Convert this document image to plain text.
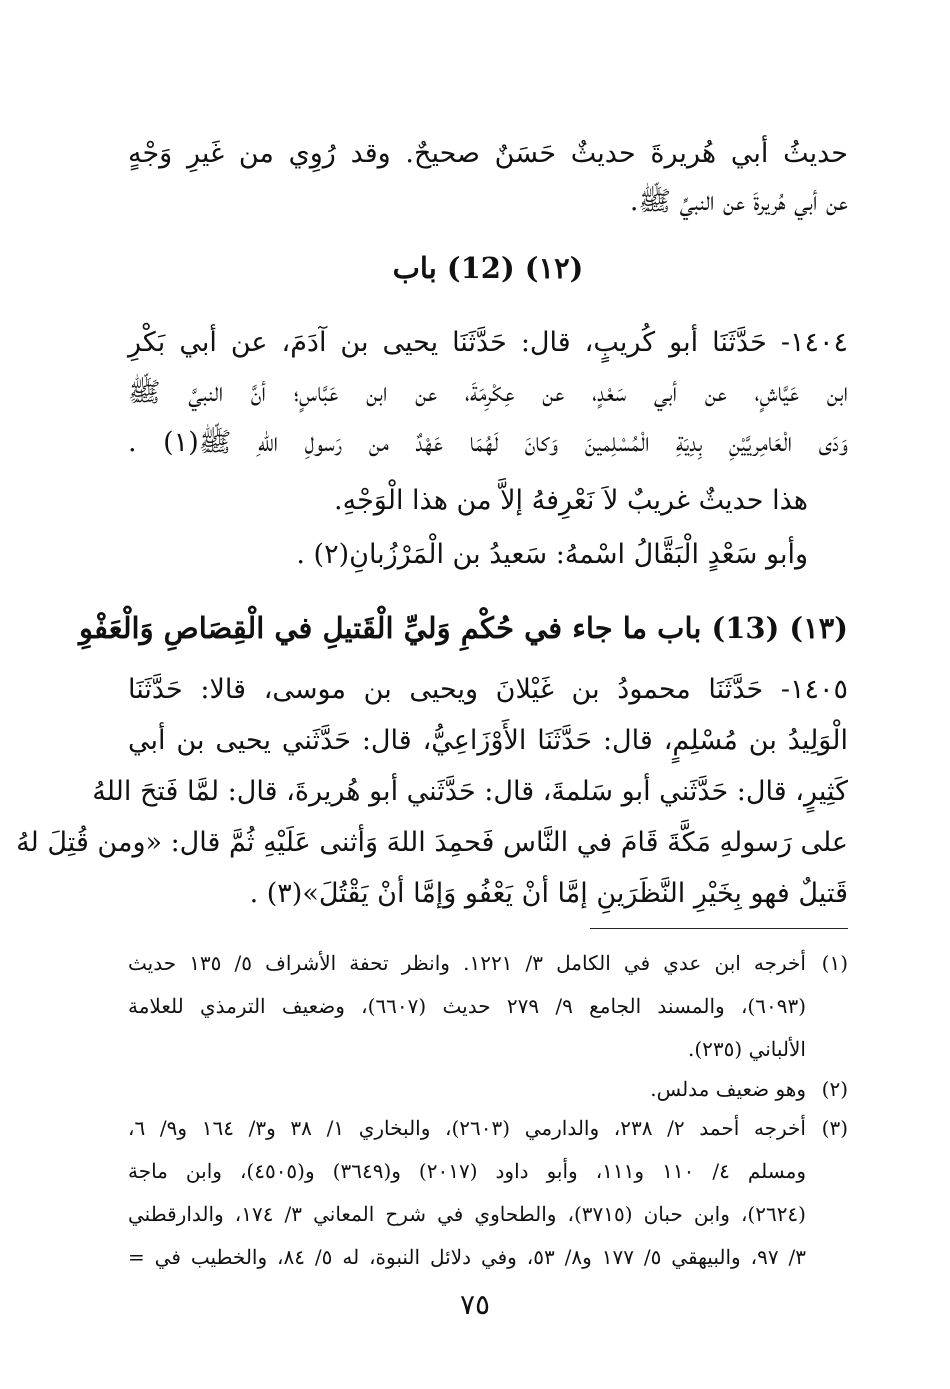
حديثُ أبي هُريرةَ حديثٌ حَسَنٌ صحيحٌ. وقد رُوِي من غَيرِ وَجْهٍ
عن أبي هُريرةَ عن النبيِّ ﷺ.
(١٢) (12) باب
١٤٠٤- حَدَّثَنَا أبو كُريبٍ، قال: حَدَّثَنَا يحيى بن آدَمَ، عن أبي بَكْرِ
ابن عَيَّاشٍ، عن أبي سَعْدٍ، عن عِكْرِمَةَ، عن ابن عَبَّاسٍ؛ أنَّ النبيَّ ﷺ
وَدَى الْعَامِريَّيْنِ بِدِيَةِ الْمُسْلِمينَ وَكانَ لَهُمَا عَهْدٌ من رَسولِ اللهِ ﷺ(١) .
هذا حديثٌ غريبٌ لاَ نَعْرِفهُ إلاَّ من هذا الْوَجْهِ.
وأبو سَعْدٍ الْبَقَّالُ اسْمهُ: سَعيدُ بن الْمَرْزُبانِ(٢) .
(١٣) (13) باب ما جاء في حُكْمِ وَليِّ الْقَتيلِ في الْقِصَاصِ وَالْعَفْوِ
١٤٠٥- حَدَّثَنَا محمودُ بن غَيْلانَ ويحيى بن موسى، قالا: حَدَّثَنَا
الْوَلِيدُ بن مُسْلِمٍ، قال: حَدَّثَنَا الأَوْزَاعِيُّ، قال: حَدَّثَني يحيى بن أبي
كَثِيرٍ، قال: حَدَّثَني أبو سَلمةَ، قال: حَدَّثَني أبو هُريرةَ، قال: لمَّا فَتحَ اللهُ
على رَسولهِ مَكَّةَ قَامَ في النَّاس فَحمِدَ اللهَ وَأثنى عَلَيْهِ ثُمَّ قال: «ومن قُتِلَ لهُ
قَتيلٌ فهو بِخَيْرِ النَّظَرَينِ إمَّا أنْ يَعْفُو وَإمَّا أنْ يَقْتُلَ»(٣) .
(١)
أخرجه ابن عدي في الكامل ٣/ ١٢٢١. وانظر تحفة الأشراف ٥/ ١٣٥ حديث
(٦٠٩٣)، والمسند الجامع ٩/ ٢٧٩ حديث (٦٦٠٧)، وضعيف الترمذي للعلامة
الألباني (٢٣٥).
(٢)
وهو ضعيف مدلس.
(٣)
أخرجه أحمد ٢/ ٢٣٨، والدارمي (٢٦٠٣)، والبخاري ١/ ٣٨ و٣/ ١٦٤ و٩/ ٦،
ومسلم ٤/ ١١٠ و١١١، وأبو داود (٢٠١٧) و(٣٦٤٩) و(٤٥٠٥)، وابن ماجة
(٢٦٢٤)، وابن حبان (٣٧١٥)، والطحاوي في شرح المعاني ٣/ ١٧٤، والدارقطني
٣/ ٩٧، والبيهقي ٥/ ١٧٧ و٨/ ٥٣، وفي دلائل النبوة، له ٥/ ٨٤، والخطيب في =
٧٥
